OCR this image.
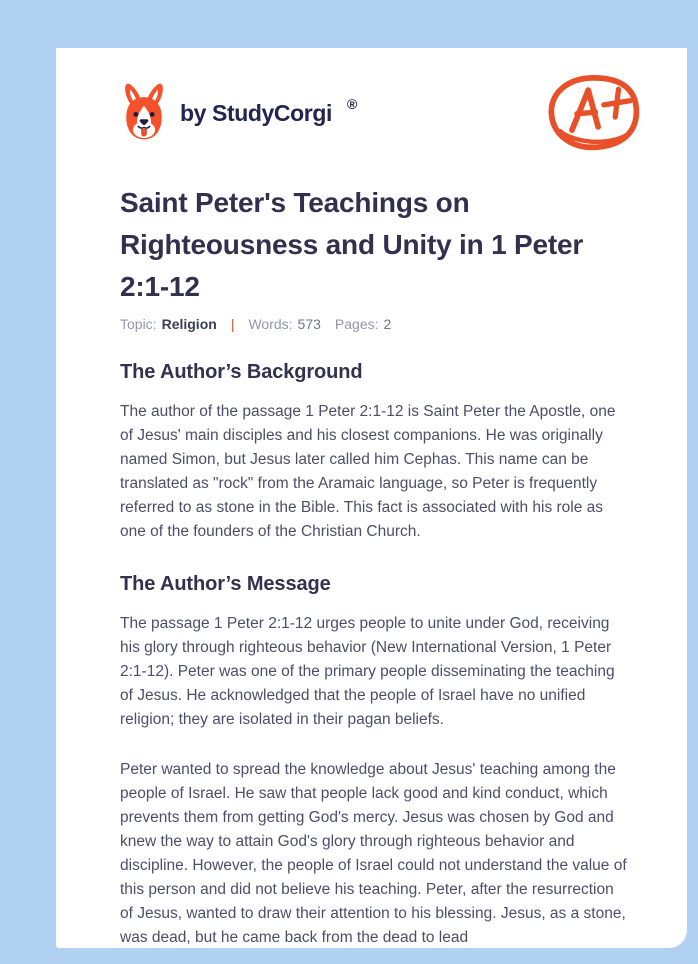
by StudyCorgi ®
Saint Peter's Teachings on Righteousness and Unity in 1 Peter 2:1-12
Topic: Religion | Words: 573 Pages: 2
The Author’s Background

The author of the passage 1 Peter 2:1-12 is Saint Peter the Apostle, one of Jesus' main disciples and his closest companions. He was originally named Simon, but Jesus later called him Cephas. This name can be translated as "rock" from the Aramaic language, so Peter is frequently referred to as stone in the Bible. This fact is associated with his role as one of the founders of the Christian Church.

The Author’s Message

The passage 1 Peter 2:1-12 urges people to unite under God, receiving his glory through righteous behavior (New International Version, 1 Peter 2:1-12). Peter was one of the primary people disseminating the teaching of Jesus. He acknowledged that the people of Israel have no unified religion; they are isolated in their pagan beliefs.

Peter wanted to spread the knowledge about Jesus' teaching among the people of Israel. He saw that people lack good and kind conduct, which prevents them from getting God's mercy. Jesus was chosen by God and knew the way to attain God's glory through righteous behavior and discipline. However, the people of Israel could not understand the value of this person and did not believe his teaching. Peter, after the resurrection of Jesus, wanted to draw their attention to his blessing. Jesus, as a stone, was dead, but he came back from the dead to lead
